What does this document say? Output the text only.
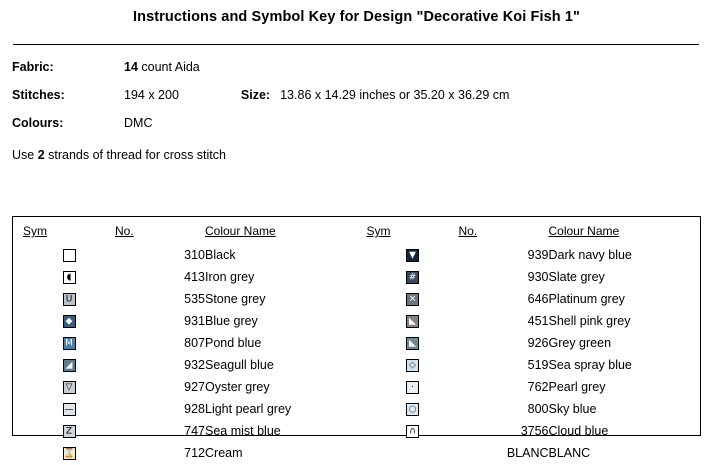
Instructions and Symbol Key for Design "Decorative Koi Fish 1"
Fabric:	14 count Aida
Stitches:	194 x 200	Size: 13.86 x 14.29 inches or 35.20 x 36.29 cm
Colours:	DMC
Use 2 strands of thread for cross stitch
Sym	No.	Colour Name
	310	Black

◖	413	Iron grey

U	535	Stone grey

◆	931	Blue grey

M	807	Pond blue

◢	932	Seagull blue

▽	927	Oyster grey

—	928	Light pearl grey

Z	747	Sea mist blue

⌛	712	Cream
Sym	No.	Colour Name

▼	939	Dark navy blue

#	930	Slate grey

✕	646	Platinum grey

◣	451	Shell pink grey

◣	926	Grey green

◇	519	Sea spray blue

·	762	Pearl grey

○	800	Sky blue

∩	3756	Cloud blue
	BLANC	BLANC
